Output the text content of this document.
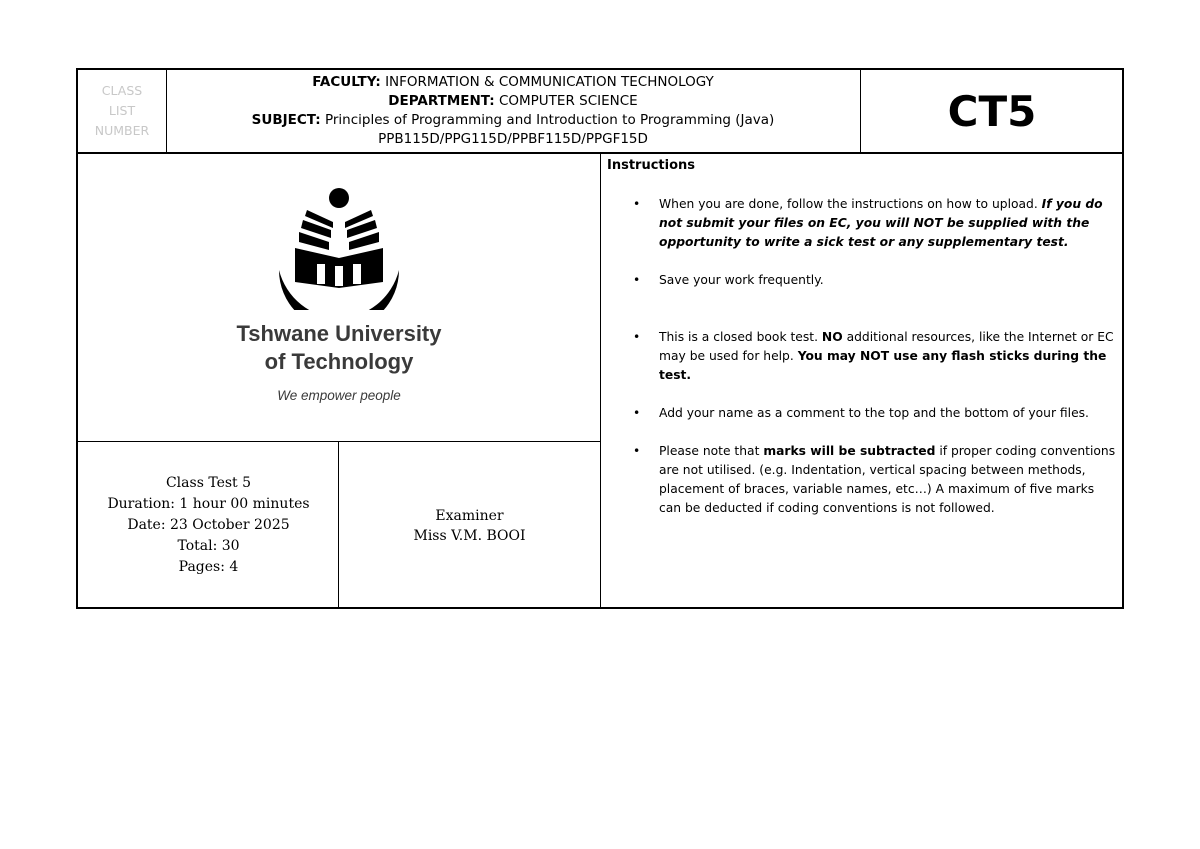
CLASS
LIST
NUMBER
FACULTY: INFORMATION & COMMUNICATION TECHNOLOGY
DEPARTMENT: COMPUTER SCIENCE
SUBJECT: Principles of Programming and Introduction to Programming (Java)
PPB115D/PPG115D/PPBF115D/PPGF15D
CT5
Tshwane University
of Technology
We empower people
Class Test 5
Duration: 1 hour 00 minutes
Date: 23 October 2025
Total: 30
Pages: 4
Examiner
Miss V.M. BOOI
Instructions
• When you are done, follow the instructions on how to upload. If you do not submit your files on EC, you will NOT be supplied with the opportunity to write a sick test or any supplementary test.
• Save your work frequently.
• This is a closed book test. NO additional resources, like the Internet or EC may be used for help. You may NOT use any flash sticks during the test.
• Add your name as a comment to the top and the bottom of your files.
• Please note that marks will be subtracted if proper coding conventions are not utilised. (e.g. Indentation, vertical spacing between methods, placement of braces, variable names, etc…) A maximum of five marks can be deducted if coding conventions is not followed.
